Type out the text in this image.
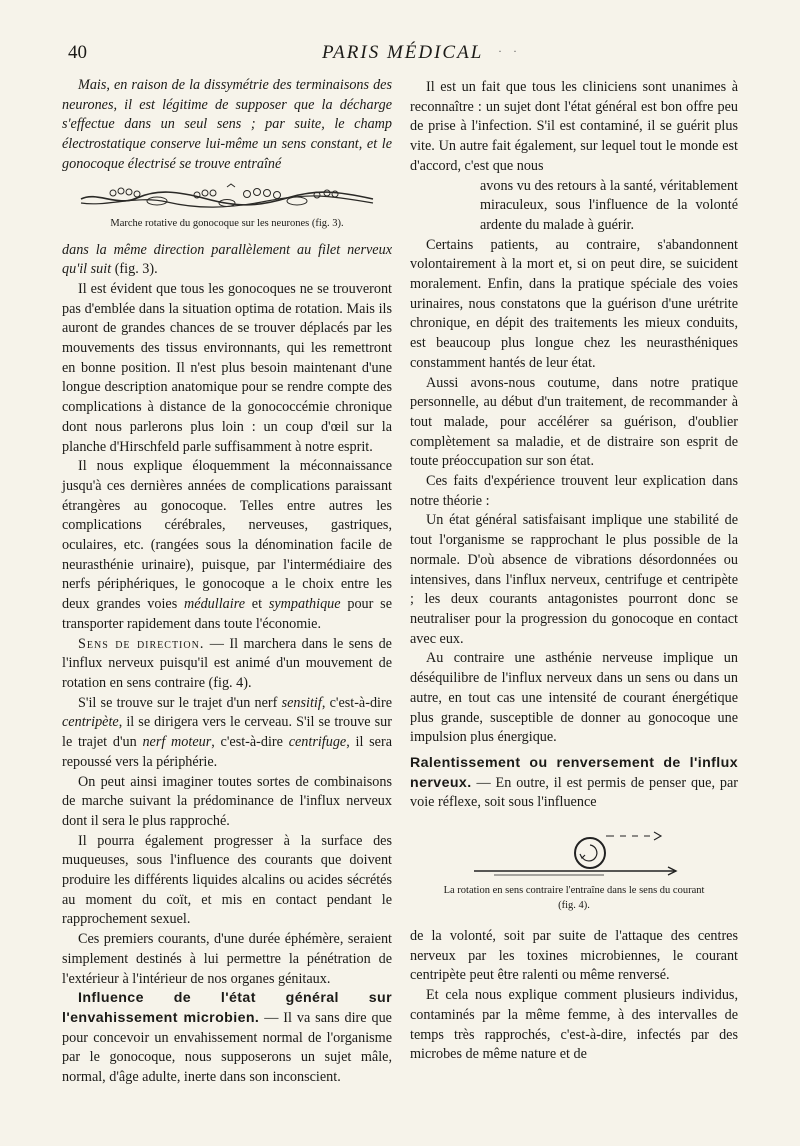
40	PARIS MÉDICAL · ·

Mais, en raison de la dissymétrie des terminaisons des neurones, il est légitime de supposer que la décharge s'effectue dans un seul sens ; par suite, le champ électrostatique conserve lui-même un sens constant, et le gonocoque électrisé se trouve entraîné

Marche rotative du gonocoque sur les neurones (fig. 3).

dans la même direction parallèlement au filet nerveux qu'il suit (fig. 3).

Il est évident que tous les gonocoques ne se trouveront pas d'emblée dans la situation optima de rotation. Mais ils auront de grandes chances de se trouver déplacés par les mouvements des tissus environnants, qui les remettront en bonne position. Il n'est plus besoin maintenant d'une longue description anatomique pour se rendre compte des complications à distance de la gonococcémie chronique dont nous parlerons plus loin : un coup d'œil sur la planche d'Hirschfeld parle suffisamment à notre esprit.

Il nous explique éloquemment la méconnaissance jusqu'à ces dernières années de complications paraissant étrangères au gonocoque. Telles entre autres les complications cérébrales, nerveuses, gastriques, oculaires, etc. (rangées sous la dénomination facile de neurasthénie urinaire), puisque, par l'intermédiaire des nerfs périphériques, le gonocoque a le choix entre les deux grandes voies médullaire et sympathique pour se transporter rapidement dans toute l'économie.

Sens de direction. — Il marchera dans le sens de l'influx nerveux puisqu'il est animé d'un mouvement de rotation en sens contraire (fig. 4).

S'il se trouve sur le trajet d'un nerf sensitif, c'est-à-dire centripète, il se dirigera vers le cerveau. S'il se trouve sur le trajet d'un nerf moteur, c'est-à-dire centrifuge, il sera repoussé vers la périphérie.

On peut ainsi imaginer toutes sortes de combinaisons de marche suivant la prédominance de l'influx nerveux dont il sera le plus rapproché.

Il pourra également progresser à la surface des muqueuses, sous l'influence des courants que doivent produire les différents liquides alcalins ou acides sécrétés au moment du coït, et mis en contact pendant le rapprochement sexuel.

Ces premiers courants, d'une durée éphémère, seraient simplement destinés à lui permettre la pénétration de l'extérieur à l'intérieur de nos organes génitaux.

Influence de l'état général sur l'envahissement microbien. — Il va sans dire que pour concevoir un envahissement normal de l'organisme par le gonocoque, nous supposerons un sujet mâle, normal, d'âge adulte, inerte dans son inconscient.

Il est un fait que tous les cliniciens sont unanimes à reconnaître : un sujet dont l'état général est bon offre peu de prise à l'infection. S'il est contaminé, il se guérit plus vite. Un autre fait également, sur lequel tout le monde est d'accord, c'est que nous

avons vu des retours à la santé, véritablement miraculeux, sous l'influence de la volonté ardente du malade à guérir.

Certains patients, au contraire, s'abandonnent volontairement à la mort et, si on peut dire, se suicident moralement. Enfin, dans la pratique spéciale des voies urinaires, nous constatons que la guérison d'une urétrite chronique, en dépit des traitements les mieux conduits, est beaucoup plus longue chez les neurasthéniques constamment hantés de leur état.

Aussi avons-nous coutume, dans notre pratique personnelle, au début d'un traitement, de recommander à tout malade, pour accélérer sa guérison, d'oublier complètement sa maladie, et de distraire son esprit de toute préoccupation sur son état.

Ces faits d'expérience trouvent leur explication dans notre théorie :

Un état général satisfaisant implique une stabilité de tout l'organisme se rapprochant le plus possible de la normale. D'où absence de vibrations désordonnées ou intensives, dans l'influx nerveux, centrifuge et centripète ; les deux courants antagonistes pourront donc se neutraliser pour la progression du gonocoque en contact avec eux.

Au contraire une asthénie nerveuse implique un déséquilibre de l'influx nerveux dans un sens ou dans un autre, en tout cas une intensité de courant énergétique plus grande, susceptible de donner au gonocoque une impulsion plus énergique.

Ralentissement ou renversement de l'influx nerveux. — En outre, il est permis de penser que, par voie réflexe, soit sous l'influence

La rotation en sens contraire l'entraîne dans le sens du courant
(fig. 4).

de la volonté, soit par suite de l'attaque des centres nerveux par les toxines microbiennes, le courant centripète peut être ralenti ou même renversé.

Et cela nous explique comment plusieurs individus, contaminés par la même femme, à des intervalles de temps très rapprochés, c'est-à-dire, infectés par des microbes de même nature et de
